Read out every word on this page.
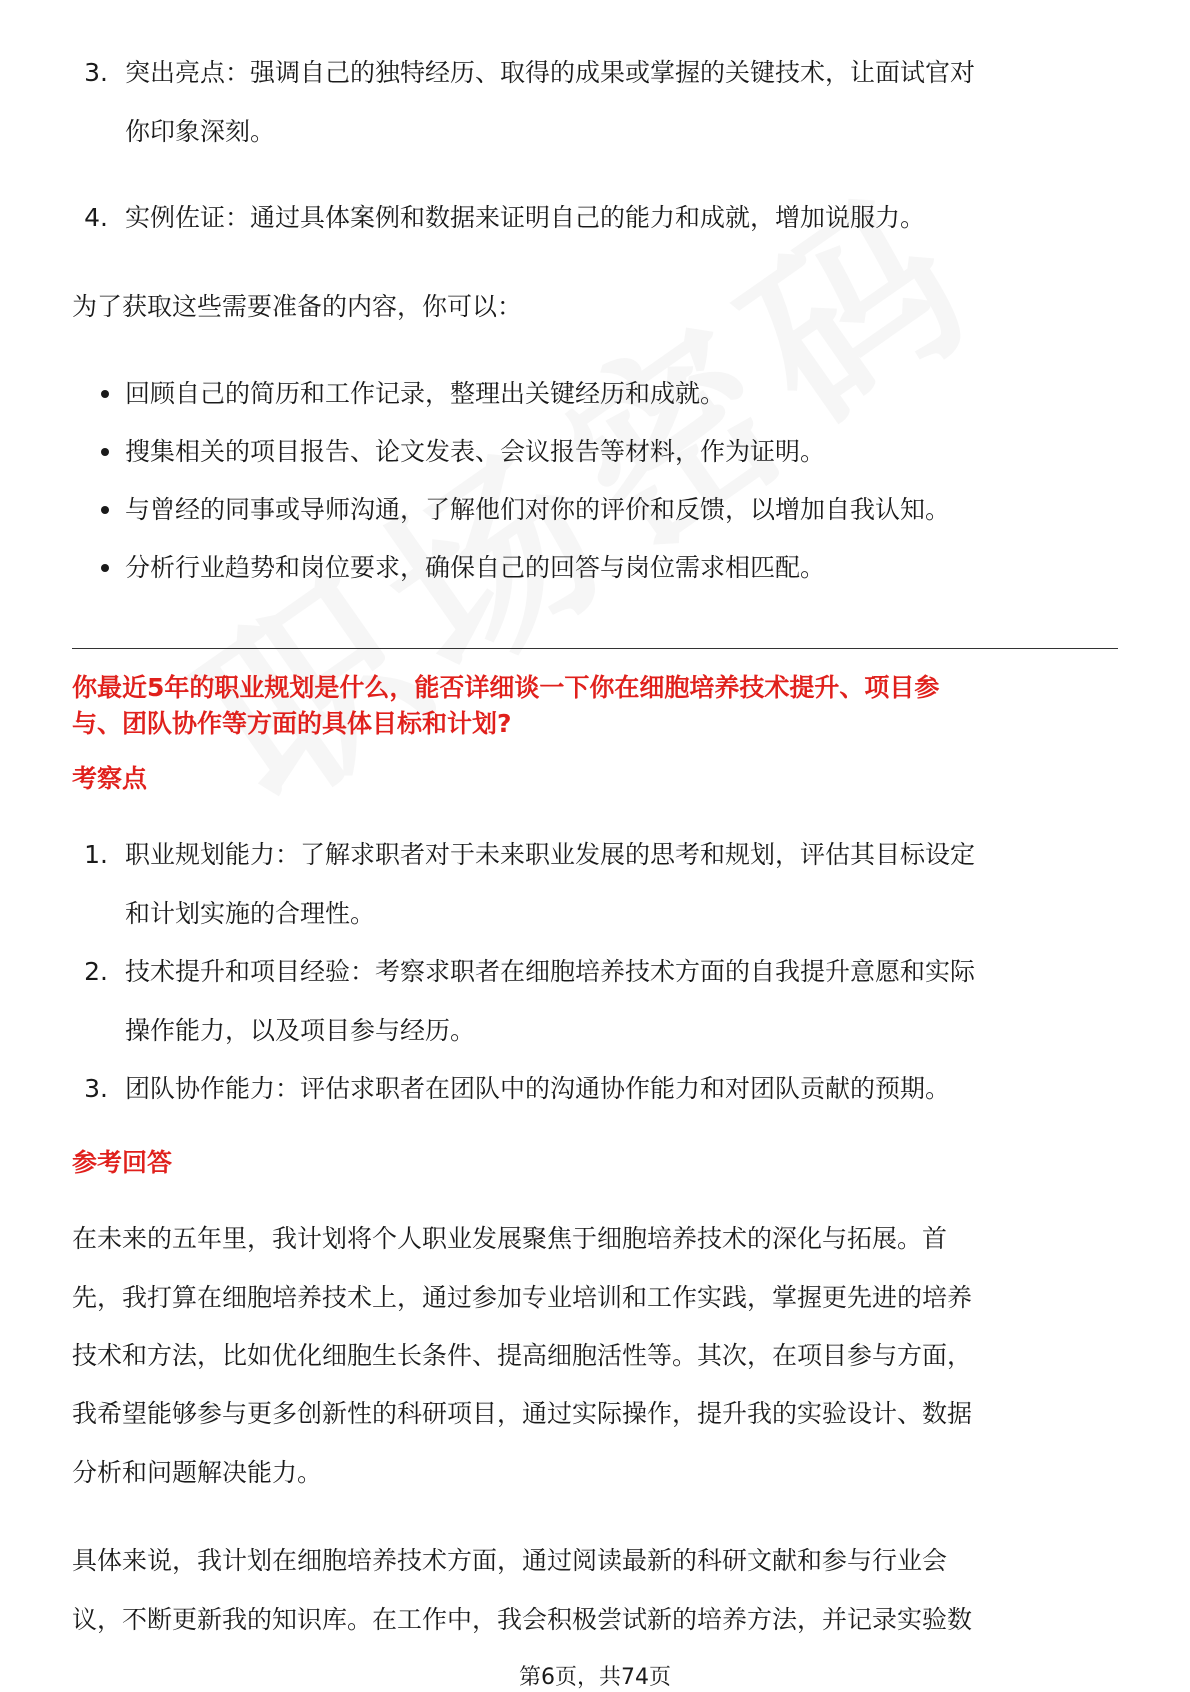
3. 突出亮点：强调自己的独特经历、取得的成果或掌握的关键技术，让面试官对
你印象深刻。
4. 实例佐证：通过具体案例和数据来证明自己的能力和成就，增加说服力。
为了获取这些需要准备的内容，你可以：
回顾自己的简历和工作记录，整理出关键经历和成就。
搜集相关的项目报告、论文发表、会议报告等材料，作为证明。
与曾经的同事或导师沟通，了解他们对你的评价和反馈，以增加自我认知。
分析行业趋势和岗位要求，确保自己的回答与岗位需求相匹配。
你最近5年的职业规划是什么，能否详细谈一下你在细胞培养技术提升、项目参
与、团队协作等方面的具体目标和计划?
考察点
1. 职业规划能力：了解求职者对于未来职业发展的思考和规划，评估其目标设定
和计划实施的合理性。
2. 技术提升和项目经验：考察求职者在细胞培养技术方面的自我提升意愿和实际
操作能力，以及项目参与经历。
3. 团队协作能力：评估求职者在团队中的沟通协作能力和对团队贡献的预期。
参考回答
在未来的五年里，我计划将个人职业发展聚焦于细胞培养技术的深化与拓展。首
先，我打算在细胞培养技术上，通过参加专业培训和工作实践，掌握更先进的培养
技术和方法，比如优化细胞生长条件、提高细胞活性等。其次，在项目参与方面，
我希望能够参与更多创新性的科研项目，通过实际操作，提升我的实验设计、数据
分析和问题解决能力。
具体来说，我计划在细胞培养技术方面，通过阅读最新的科研文献和参与行业会
议，不断更新我的知识库。在工作中，我会积极尝试新的培养方法，并记录实验数
第6页，共74页
